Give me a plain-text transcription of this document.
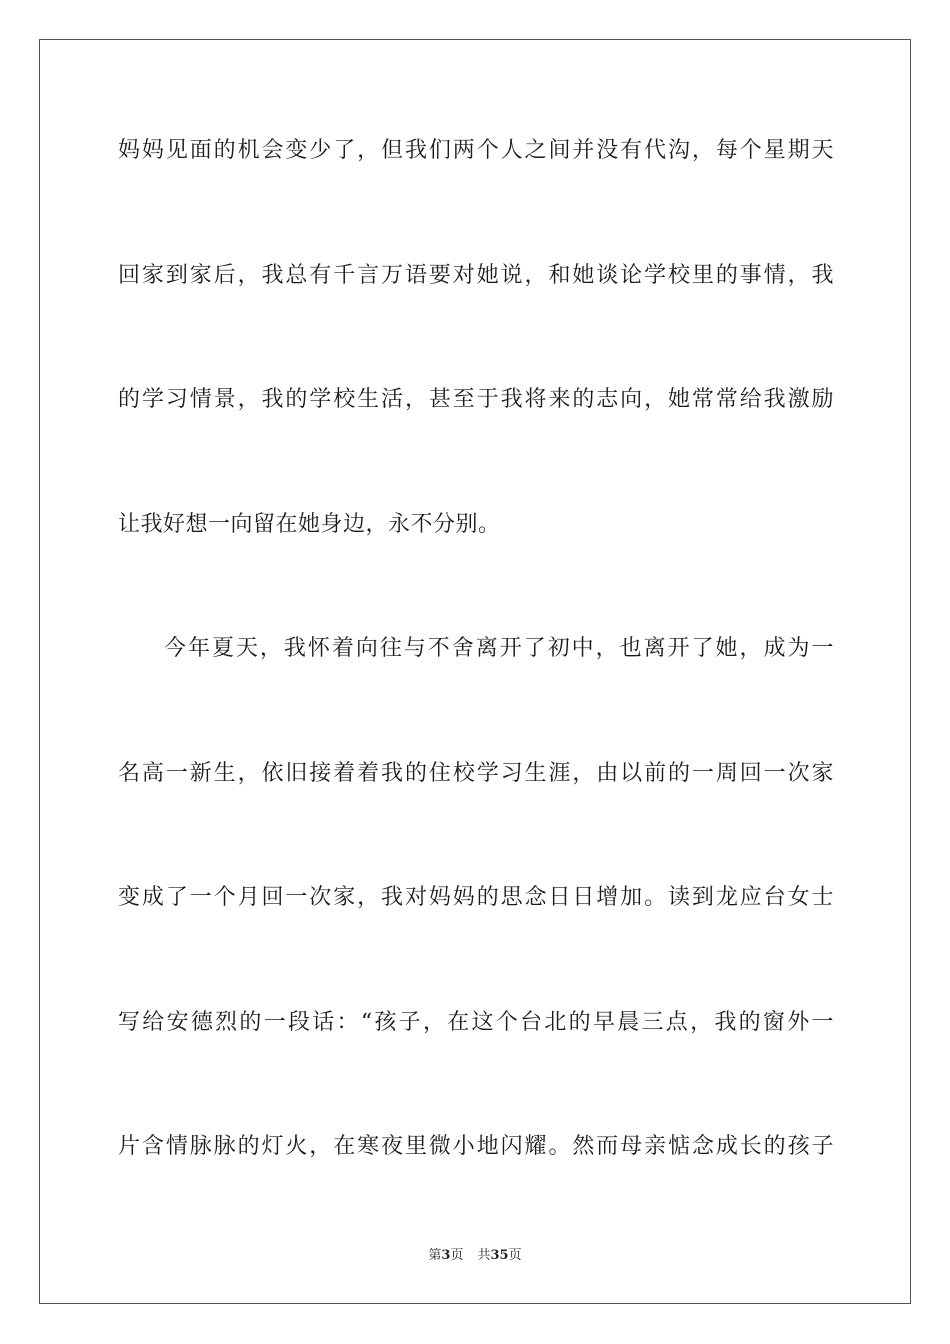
妈妈见面的机会变少了，但我们两个人之间并没有代沟，每个星期天
回家到家后，我总有千言万语要对她说，和她谈论学校里的事情，我
的学习情景，我的学校生活，甚至于我将来的志向，她常常给我激励
让我好想一向留在她身边，永不分别。
今年夏天，我怀着向往与不舍离开了初中，也离开了她，成为一
名高一新生，依旧接着着我的住校学习生涯，由以前的一周回一次家
变成了一个月回一次家，我对妈妈的思念日日增加。读到龙应台女士
写给安德烈的一段话：“孩子，在这个台北的早晨三点，我的窗外一
片含情脉脉的灯火，在寒夜里微小地闪耀。然而母亲惦念成长的孩子
第3页 共35页
